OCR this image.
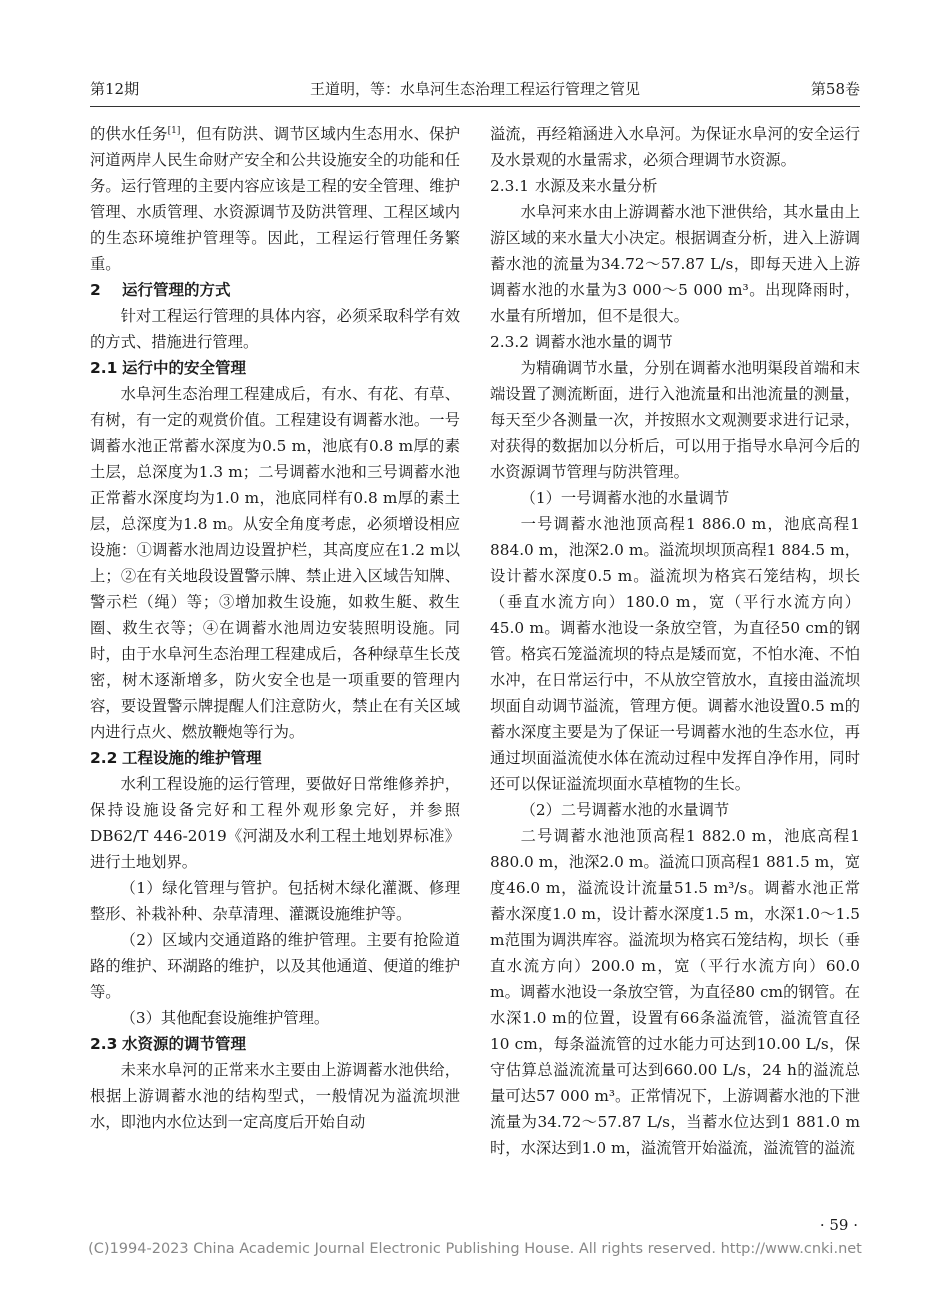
第12期	王道明，等：水阜河生态治理工程运行管理之管见	第58卷

的供水任务[1]，但有防洪、调节区域内生态用水、保护河道两岸人民生命财产安全和公共设施安全的功能和任务。运行管理的主要内容应该是工程的安全管理、维护管理、水质管理、水资源调节及防洪管理、工程区域内的生态环境维护管理等。因此，工程运行管理任务繁重。

2 运行管理的方式

针对工程运行管理的具体内容，必须采取科学有效的方式、措施进行管理。

2.1 运行中的安全管理

水阜河生态治理工程建成后，有水、有花、有草、有树，有一定的观赏价值。工程建设有调蓄水池。一号调蓄水池正常蓄水深度为0.5 m，池底有0.8 m厚的素土层，总深度为1.3 m；二号调蓄水池和三号调蓄水池正常蓄水深度均为1.0 m，池底同样有0.8 m厚的素土层，总深度为1.8 m。从安全角度考虑，必须增设相应设施：①调蓄水池周边设置护栏，其高度应在1.2 m以上；②在有关地段设置警示牌、禁止进入区域告知牌、警示栏（绳）等；③增加救生设施，如救生艇、救生圈、救生衣等；④在调蓄水池周边安装照明设施。同时，由于水阜河生态治理工程建成后，各种绿草生长茂密，树木逐渐增多，防火安全也是一项重要的管理内容，要设置警示牌提醒人们注意防火，禁止在有关区域内进行点火、燃放鞭炮等行为。

2.2 工程设施的维护管理

水利工程设施的运行管理，要做好日常维修养护，保持设施设备完好和工程外观形象完好，并参照DB62/T 446-2019《河湖及水利工程土地划界标准》进行土地划界。

（1）绿化管理与管护。包括树木绿化灌溉、修理整形、补栽补种、杂草清理、灌溉设施维护等。

（2）区域内交通道路的维护管理。主要有抢险道路的维护、环湖路的维护，以及其他通道、便道的维护等。

（3）其他配套设施维护管理。

2.3 水资源的调节管理

未来水阜河的正常来水主要由上游调蓄水池供给，根据上游调蓄水池的结构型式，一般情况为溢流坝泄水，即池内水位达到一定高度后开始自动

溢流，再经箱涵进入水阜河。为保证水阜河的安全运行及水景观的水量需求，必须合理调节水资源。

2.3.1 水源及来水量分析

水阜河来水由上游调蓄水池下泄供给，其水量由上游区域的来水量大小决定。根据调查分析，进入上游调蓄水池的流量为34.72～57.87 L/s，即每天进入上游调蓄水池的水量为3 000～5 000 m³。出现降雨时，水量有所增加，但不是很大。

2.3.2 调蓄水池水量的调节

为精确调节水量，分别在调蓄水池明渠段首端和末端设置了测流断面，进行入池流量和出池流量的测量，每天至少各测量一次，并按照水文观测要求进行记录，对获得的数据加以分析后，可以用于指导水阜河今后的水资源调节管理与防洪管理。

（1）一号调蓄水池的水量调节

一号调蓄水池池顶高程1 886.0 m，池底高程1 884.0 m，池深2.0 m。溢流坝坝顶高程1 884.5 m，设计蓄水深度0.5 m。溢流坝为格宾石笼结构，坝长（垂直水流方向）180.0 m，宽（平行水流方向）45.0 m。调蓄水池设一条放空管，为直径50 cm的钢管。格宾石笼溢流坝的特点是矮而宽，不怕水淹、不怕水冲，在日常运行中，不从放空管放水，直接由溢流坝坝面自动调节溢流，管理方便。调蓄水池设置0.5 m的蓄水深度主要是为了保证一号调蓄水池的生态水位，再通过坝面溢流使水体在流动过程中发挥自净作用，同时还可以保证溢流坝面水草植物的生长。

（2）二号调蓄水池的水量调节

二号调蓄水池池顶高程1 882.0 m，池底高程1 880.0 m，池深2.0 m。溢流口顶高程1 881.5 m，宽度46.0 m，溢流设计流量51.5 m³/s。调蓄水池正常蓄水深度1.0 m，设计蓄水深度1.5 m，水深1.0～1.5 m范围为调洪库容。溢流坝为格宾石笼结构，坝长（垂直水流方向）200.0 m，宽（平行水流方向）60.0 m。调蓄水池设一条放空管，为直径80 cm的钢管。在水深1.0 m的位置，设置有66条溢流管，溢流管直径10 cm，每条溢流管的过水能力可达到10.00 L/s，保守估算总溢流流量可达到660.00 L/s，24 h的溢流总量可达57 000 m³。正常情况下，上游调蓄水池的下泄流量为34.72～57.87 L/s，当蓄水位达到1 881.0 m时，水深达到1.0 m，溢流管开始溢流，溢流管的溢流

· 59 ·
(C)1994-2023 China Academic Journal Electronic Publishing House. All rights reserved. http://www.cnki.net
